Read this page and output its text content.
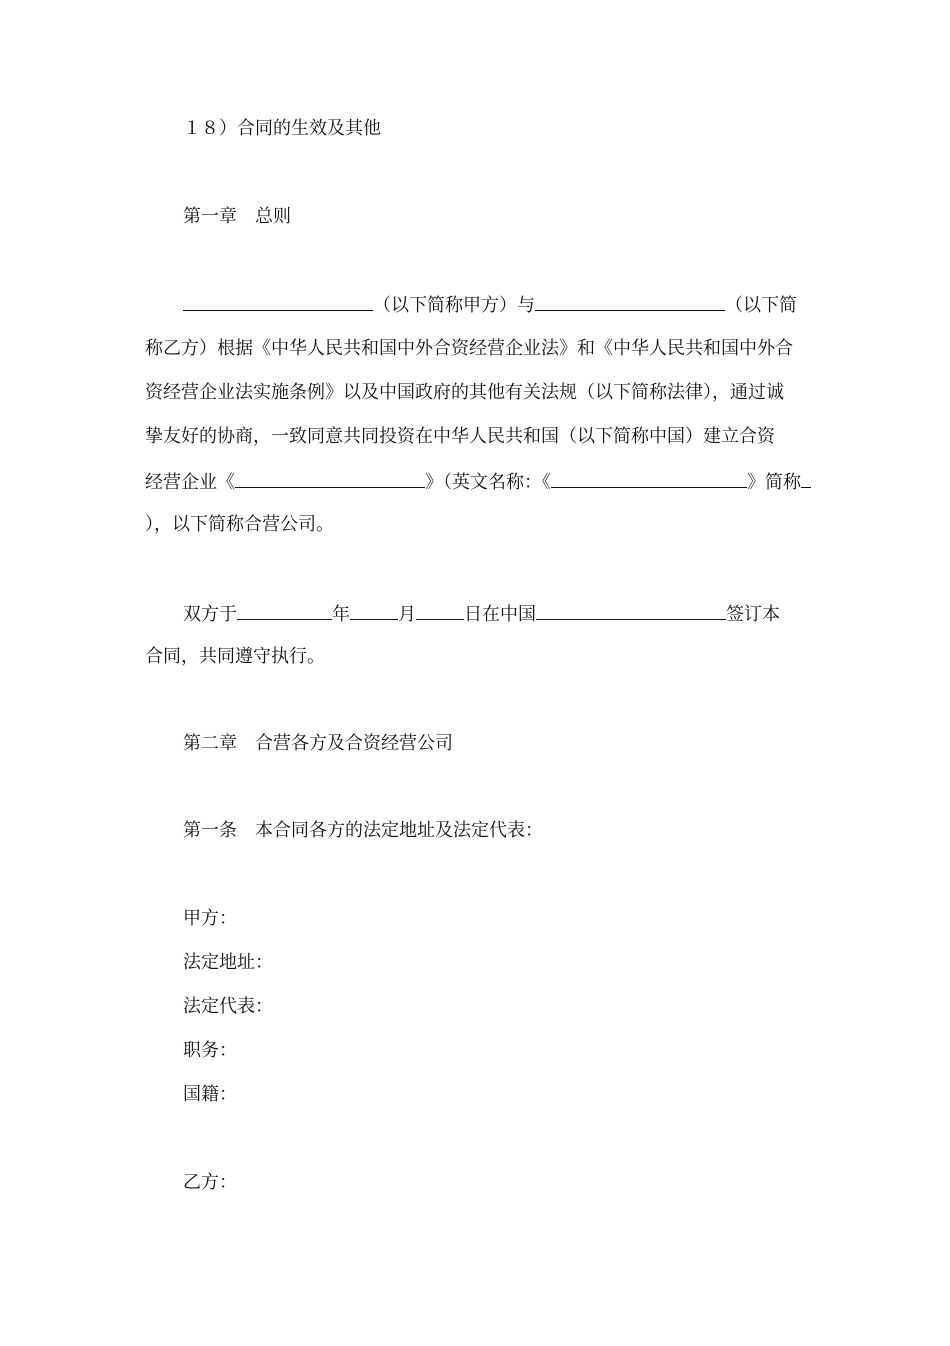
１８）合同的生效及其他
第一章　总则
（以下简称甲方）与	（以下简
称乙方）根据《中华人民共和国中外合资经营企业法》和《中华人民共和国中外合
资经营企业法实施条例》以及中国政府的其他有关法规（以下简称法律），通过诚
挚友好的协商，一致同意共同投资在中华人民共和国（以下简称中国）建立合资
经营企业《	》（英文名称：《	》简称
），以下简称合营公司。
双方于	年	月	日在中国	签订本
合同，共同遵守执行。
第二章　合营各方及合资经营公司
第一条　本合同各方的法定地址及法定代表：
甲方：
法定地址：
法定代表：
职务：
国籍：
乙方：
